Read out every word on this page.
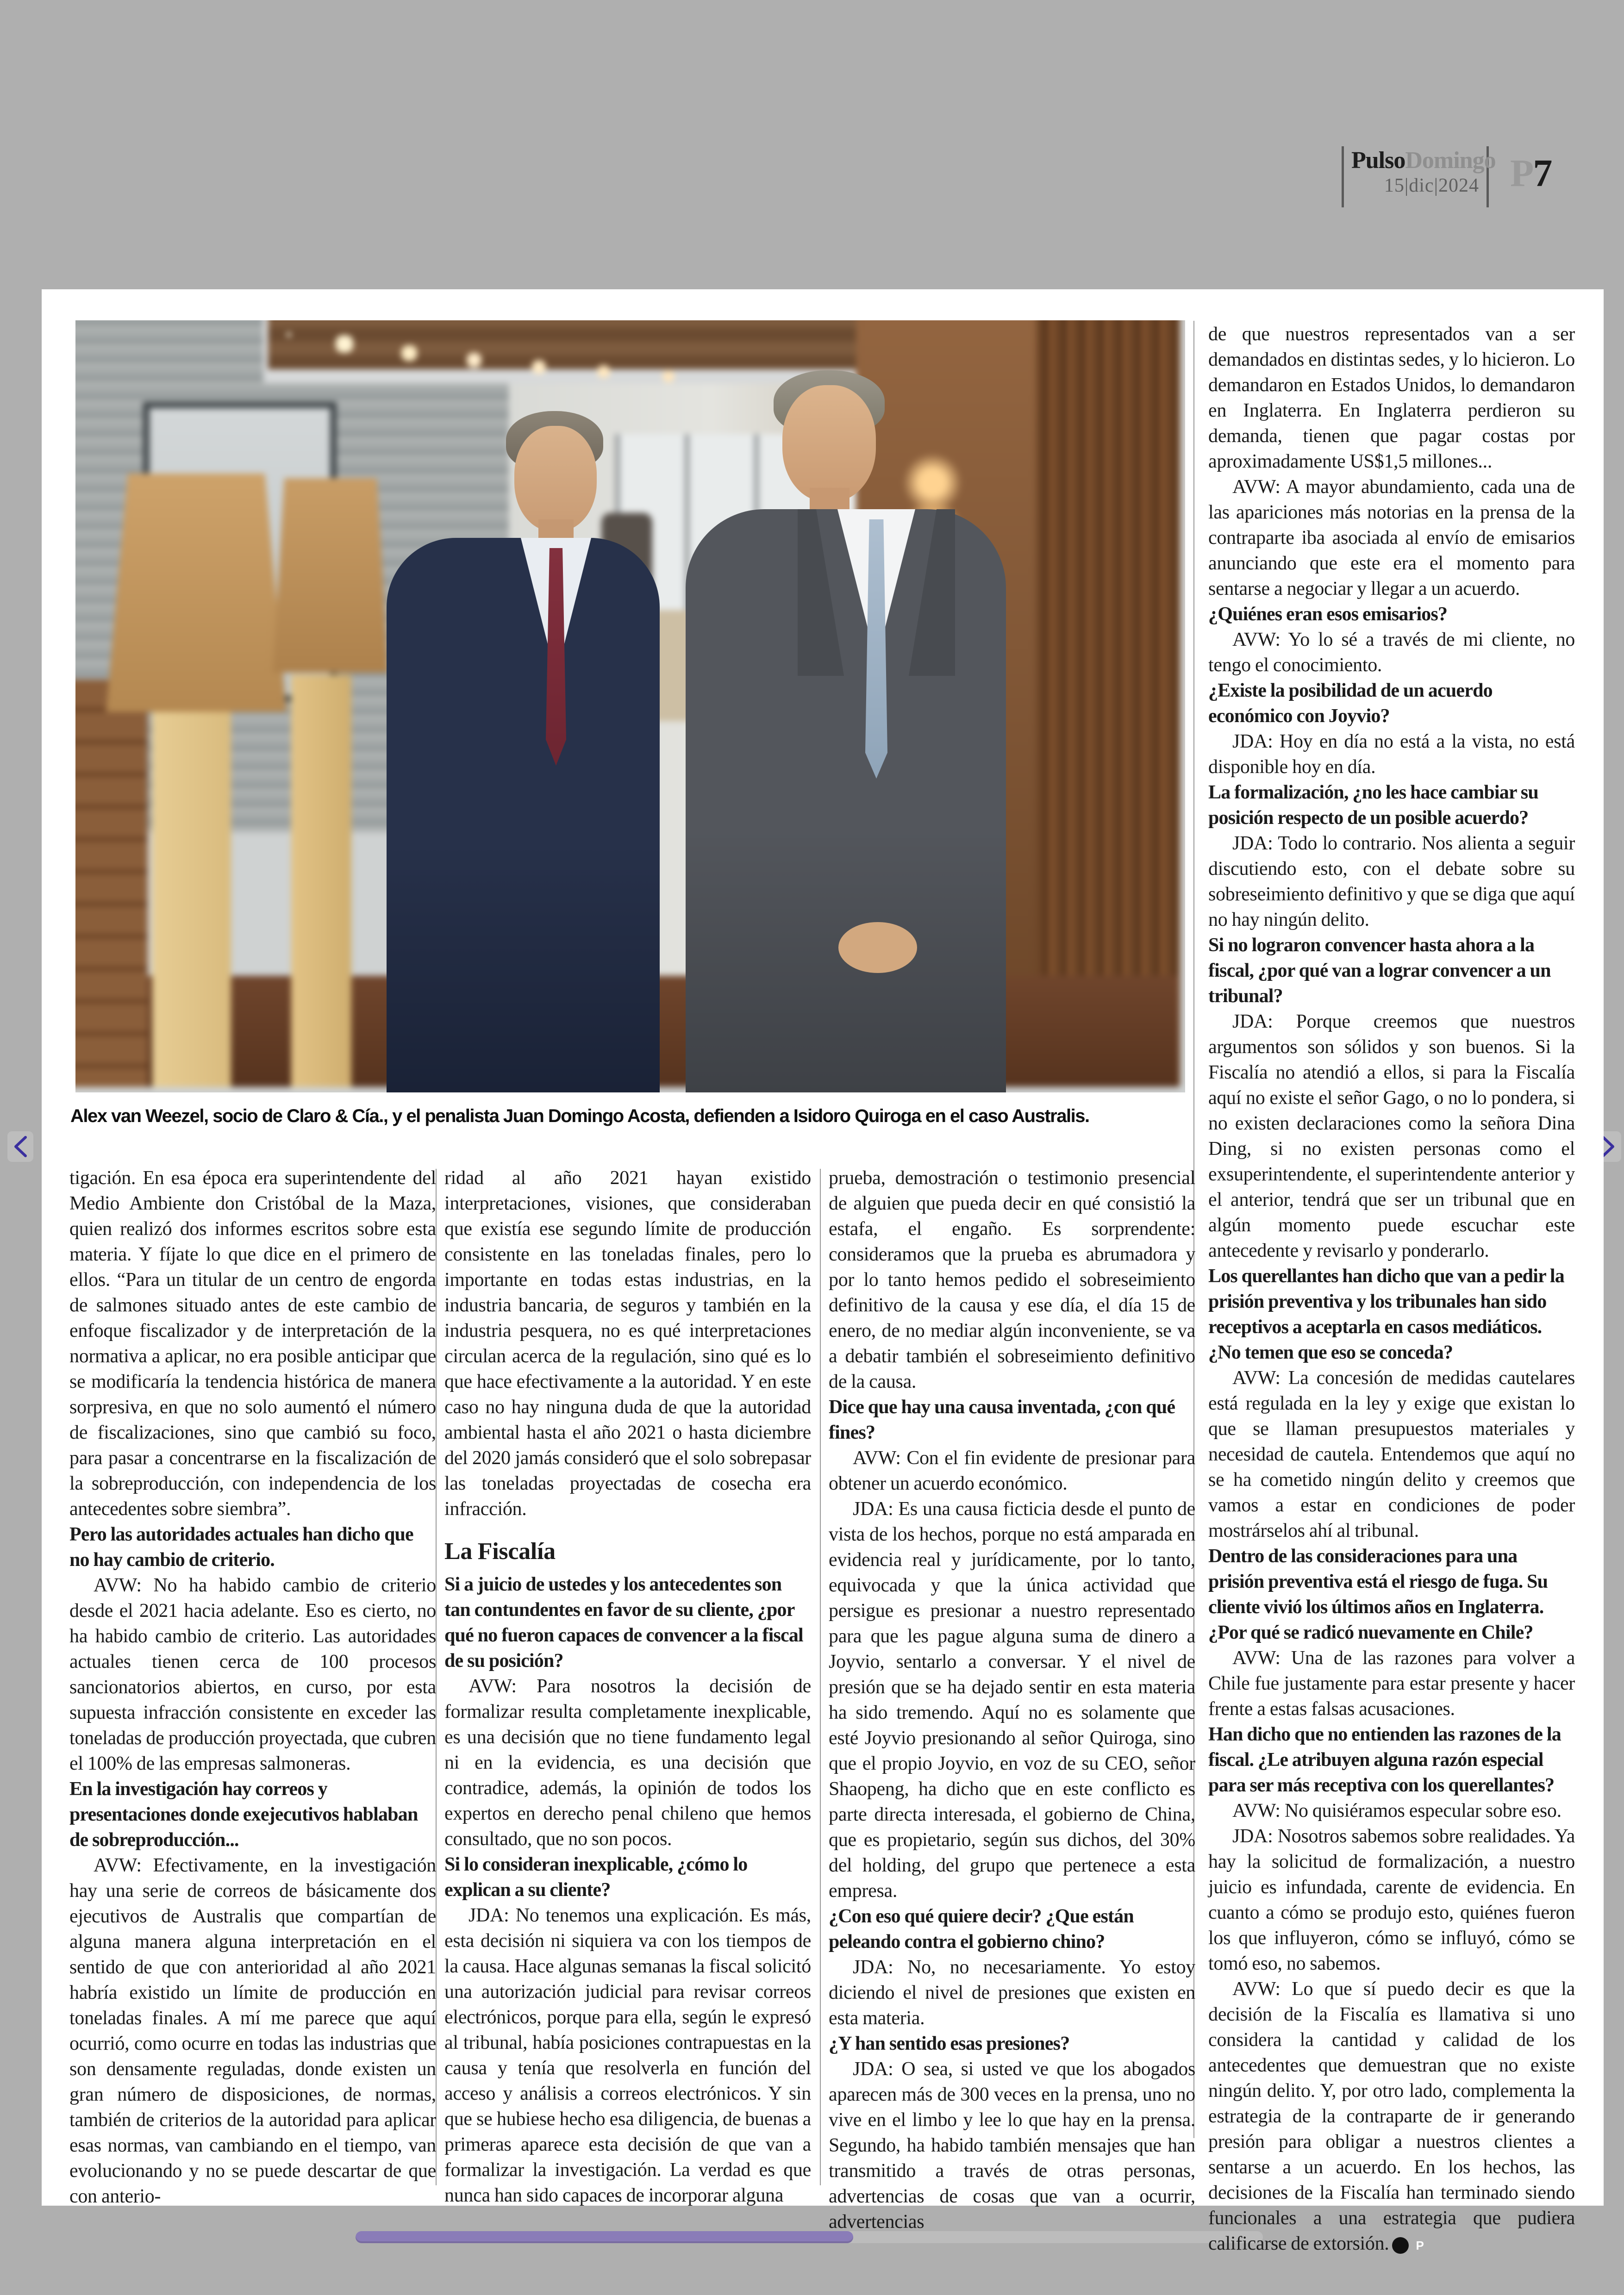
PulsoDomingo
15|dic|2024 P7
Alex van Weezel, socio de Claro & Cía., y el penalista Juan Domingo Acosta, defienden a Isidoro Quiroga en el caso Australis.

tigación. En esa época era superintendente del Medio Ambiente don Cristóbal de la Maza, quien realizó dos informes escritos sobre esta materia. Y fíjate lo que dice en el primero de ellos. “Para un titular de un centro de engorda de salmones situado antes de este cambio de enfoque fiscalizador y de interpretación de la normativa a aplicar, no era posible anticipar que se modificaría la tendencia histórica de manera sorpresiva, en que no solo aumentó el número de fiscalizaciones, sino que cambió su foco, para pasar a concentrarse en la fiscalización de la sobreproducción, con independencia de los antecedentes sobre siembra”.

Pero las autoridades actuales han dicho que no hay cambio de criterio.

AVW: No ha habido cambio de criterio desde el 2021 hacia adelante. Eso es cierto, no ha habido cambio de criterio. Las autoridades actuales tienen cerca de 100 procesos sancionatorios abiertos, en curso, por esta supuesta infracción consistente en exceder las toneladas de producción proyectada, que cubren el 100% de las empresas salmoneras.

En la investigación hay correos y presentaciones donde exejecutivos hablaban de sobreproducción...

AVW: Efectivamente, en la investigación hay una serie de correos de básicamente dos ejecutivos de Australis que compartían de alguna manera alguna interpretación en el sentido de que con anterioridad al año 2021 habría existido un límite de producción en toneladas finales. A mí me parece que aquí ocurrió, como ocurre en todas las industrias que son densamente reguladas, donde existen un gran número de disposiciones, de normas, también de criterios de la autoridad para aplicar esas normas, van cambiando en el tiempo, van evolucionando y no se puede descartar de que con anterio-

ridad al año 2021 hayan existido interpretaciones, visiones, que consideraban que existía ese segundo límite de producción consistente en las toneladas finales, pero lo importante en todas estas industrias, en la industria bancaria, de seguros y también en la industria pesquera, no es qué interpretaciones circulan acerca de la regulación, sino qué es lo que hace efectivamente a la autoridad. Y en este caso no hay ninguna duda de que la autoridad ambiental hasta el año 2021 o hasta diciembre del 2020 jamás consideró que el solo sobrepasar las toneladas proyectadas de cosecha era infracción.

La Fiscalía

Si a juicio de ustedes y los antecedentes son tan contundentes en favor de su cliente, ¿por qué no fueron capaces de convencer a la fiscal de su posición?

AVW: Para nosotros la decisión de formalizar resulta completamente inexplicable, es una decisión que no tiene fundamento legal ni en la evidencia, es una decisión que contradice, además, la opinión de todos los expertos en derecho penal chileno que hemos consultado, que no son pocos.

Si lo consideran inexplicable, ¿cómo lo explican a su cliente?

JDA: No tenemos una explicación. Es más, esta decisión ni siquiera va con los tiempos de la causa. Hace algunas semanas la fiscal solicitó una autorización judicial para revisar correos electrónicos, porque para ella, según le expresó al tribunal, había posiciones contrapuestas en la causa y tenía que resolverla en función del acceso y análisis a correos electrónicos. Y sin que se hubiese hecho esa diligencia, de buenas a primeras aparece esta decisión de que van a formalizar la investigación. La verdad es que nunca han sido capaces de incorporar alguna

prueba, demostración o testimonio presencial de alguien que pueda decir en qué consistió la estafa, el engaño. Es sorprendente: consideramos que la prueba es abrumadora y por lo tanto hemos pedido el sobreseimiento definitivo de la causa y ese día, el día 15 de enero, de no mediar algún inconveniente, se va a debatir también el sobreseimiento definitivo de la causa.

Dice que hay una causa inventada, ¿con qué fines?

AVW: Con el fin evidente de presionar para obtener un acuerdo económico.

JDA: Es una causa ficticia desde el punto de vista de los hechos, porque no está amparada en evidencia real y jurídicamente, por lo tanto, equivocada y que la única actividad que persigue es presionar a nuestro representado para que les pague alguna suma de dinero a Joyvio, sentarlo a conversar. Y el nivel de presión que se ha dejado sentir en esta materia ha sido tremendo. Aquí no es solamente que esté Joyvio presionando al señor Quiroga, sino que el propio Joyvio, en voz de su CEO, señor Shaopeng, ha dicho que en este conflicto es parte directa interesada, el gobierno de China, que es propietario, según sus dichos, del 30% del holding, del grupo que pertenece a esta empresa.

¿Con eso qué quiere decir? ¿Que están peleando contra el gobierno chino?

JDA: No, no necesariamente. Yo estoy diciendo el nivel de presiones que existen en esta materia.

¿Y han sentido esas presiones?

JDA: O sea, si usted ve que los abogados aparecen más de 300 veces en la prensa, uno no vive en el limbo y lee lo que hay en la prensa. Segundo, ha habido también mensajes que han transmitido a través de otras personas, advertencias de cosas que van a ocurrir, advertencias

de que nuestros representados van a ser demandados en distintas sedes, y lo hicieron. Lo demandaron en Estados Unidos, lo demandaron en Inglaterra. En Inglaterra perdieron su demanda, tienen que pagar costas por aproximadamente US$1,5 millones...

AVW: A mayor abundamiento, cada una de las apariciones más notorias en la prensa de la contraparte iba asociada al envío de emisarios anunciando que este era el momento para sentarse a negociar y llegar a un acuerdo.

¿Quiénes eran esos emisarios?

AVW: Yo lo sé a través de mi cliente, no tengo el conocimiento.

¿Existe la posibilidad de un acuerdo económico con Joyvio?

JDA: Hoy en día no está a la vista, no está disponible hoy en día.

La formalización, ¿no les hace cambiar su posición respecto de un posible acuerdo?

JDA: Todo lo contrario. Nos alienta a seguir discutiendo esto, con el debate sobre su sobreseimiento definitivo y que se diga que aquí no hay ningún delito.

Si no lograron convencer hasta ahora a la fiscal, ¿por qué van a lograr convencer a un tribunal?

JDA: Porque creemos que nuestros argumentos son sólidos y son buenos. Si la Fiscalía no atendió a ellos, si para la Fiscalía aquí no existe el señor Gago, o no lo pondera, si no existen declaraciones como la señora Dina Ding, si no existen personas como el exsuperintendente, el superintendente anterior y el anterior, tendrá que ser un tribunal que en algún momento puede escuchar este antecedente y revisarlo y ponderarlo.

Los querellantes han dicho que van a pedir la prisión preventiva y los tribunales han sido receptivos a aceptarla en casos mediáticos. ¿No temen que eso se conceda?

AVW: La concesión de medidas cautelares está regulada en la ley y exige que existan lo que se llaman presupuestos materiales y necesidad de cautela. Entendemos que aquí no se ha cometido ningún delito y creemos que vamos a estar en condiciones de poder mostrárselos ahí al tribunal.

Dentro de las consideraciones para una prisión preventiva está el riesgo de fuga. Su cliente vivió los últimos años en Inglaterra. ¿Por qué se radicó nuevamente en Chile?

AVW: Una de las razones para volver a Chile fue justamente para estar presente y hacer frente a estas falsas acusaciones.

Han dicho que no entienden las razones de la fiscal. ¿Le atribuyen alguna razón especial para ser más receptiva con los querellantes?

AVW: No quisiéramos especular sobre eso.

JDA: Nosotros sabemos sobre realidades. Ya hay la solicitud de formalización, a nuestro juicio es infundada, carente de evidencia. En cuanto a cómo se produjo esto, quiénes fueron los que influyeron, cómo se influyó, cómo se tomó eso, no sabemos.

AVW: Lo que sí puedo decir es que la decisión de la Fiscalía es llamativa si uno considera la cantidad y calidad de los antecedentes que demuestran que no existe ningún delito. Y, por otro lado, complementa la estrategia de la contraparte de ir generando presión para obligar a nuestros clientes a sentarse a un acuerdo. En los hechos, las decisiones de la Fiscalía han terminado siendo funcionales a una estrategia que pudiera calificarse de extorsión. P
